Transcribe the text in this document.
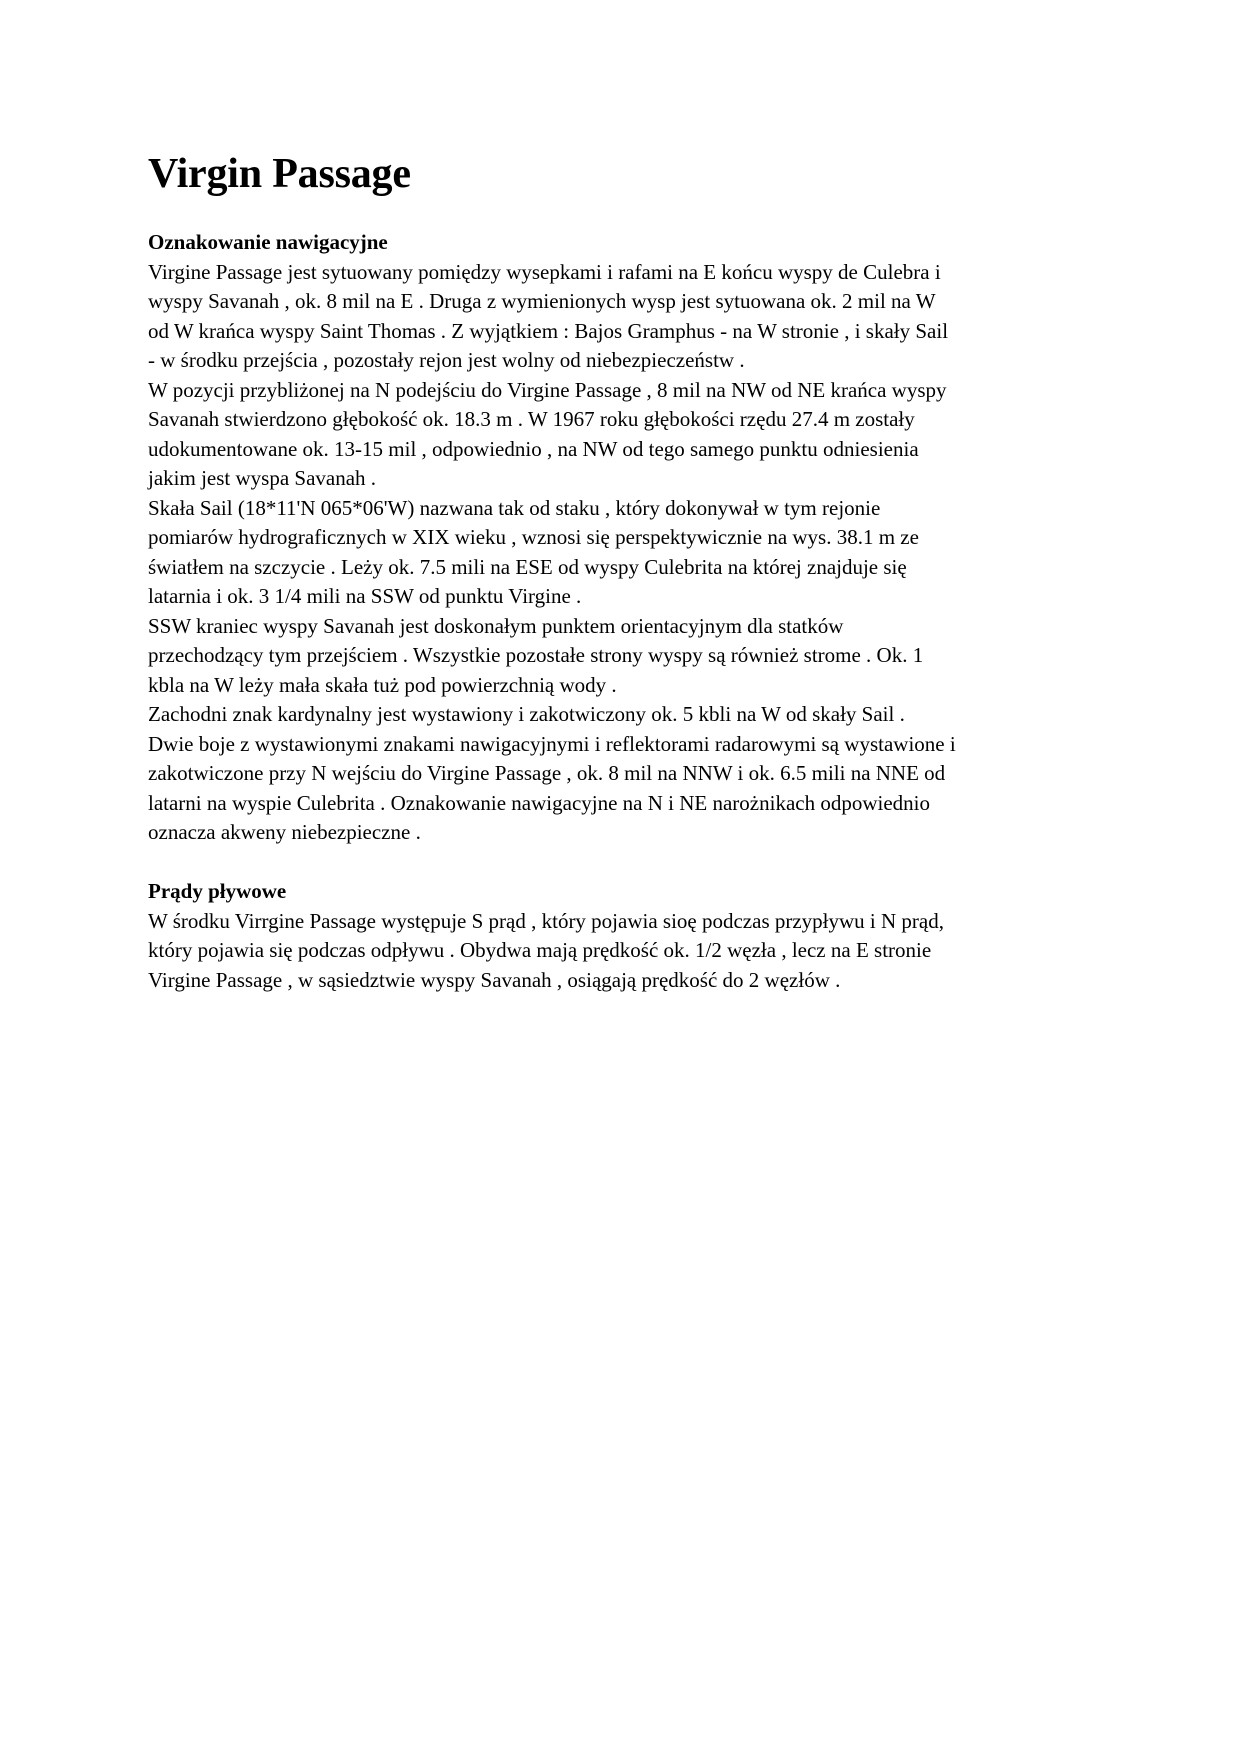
Virgin Passage
Oznakowanie nawigacyjne
Virgine Passage jest sytuowany pomiędzy wysepkami i rafami na E końcu wyspy de Culebra i
wyspy Savanah , ok. 8 mil na E . Druga z wymienionych wysp jest sytuowana ok. 2 mil na W
od W krańca wyspy Saint Thomas . Z wyjątkiem : Bajos Gramphus - na W stronie , i skały Sail
- w środku przejścia , pozostały rejon jest wolny od niebezpieczeństw .
W pozycji przybliżonej na N podejściu do Virgine Passage , 8 mil na NW od NE krańca wyspy
Savanah stwierdzono głębokość ok. 18.3 m . W 1967 roku głębokości rzędu 27.4 m zostały
udokumentowane ok. 13-15 mil , odpowiednio , na NW od tego samego punktu odniesienia
jakim jest wyspa Savanah .
Skała Sail (18*11'N 065*06'W) nazwana tak od staku , który dokonywał w tym rejonie
pomiarów hydrograficznych w XIX wieku , wznosi się perspektywicznie na wys. 38.1 m ze
światłem na szczycie . Leży ok. 7.5 mili na ESE od wyspy Culebrita na której znajduje się
latarnia i ok. 3 1/4 mili na SSW od punktu Virgine .
SSW kraniec wyspy Savanah jest doskonałym punktem orientacyjnym dla statków
przechodzący tym przejściem . Wszystkie pozostałe strony wyspy są również strome . Ok. 1
kbla na W leży mała skała tuż pod powierzchnią wody .
Zachodni znak kardynalny jest wystawiony i zakotwiczony ok. 5 kbli na W od skały Sail .
Dwie boje z wystawionymi znakami nawigacyjnymi i reflektorami radarowymi są wystawione i
zakotwiczone przy N wejściu do Virgine Passage , ok. 8 mil na NNW i ok. 6.5 mili na NNE od
latarni na wyspie Culebrita . Oznakowanie nawigacyjne na N i NE narożnikach odpowiednio
oznacza akweny niebezpieczne .
Prądy pływowe
W środku Virrgine Passage występuje S prąd , który pojawia sioę podczas przypływu i N prąd,
który pojawia się podczas odpływu . Obydwa mają prędkość ok. 1/2 węzła , lecz na E stronie
Virgine Passage , w sąsiedztwie wyspy Savanah , osiągają prędkość do 2 węzłów .
